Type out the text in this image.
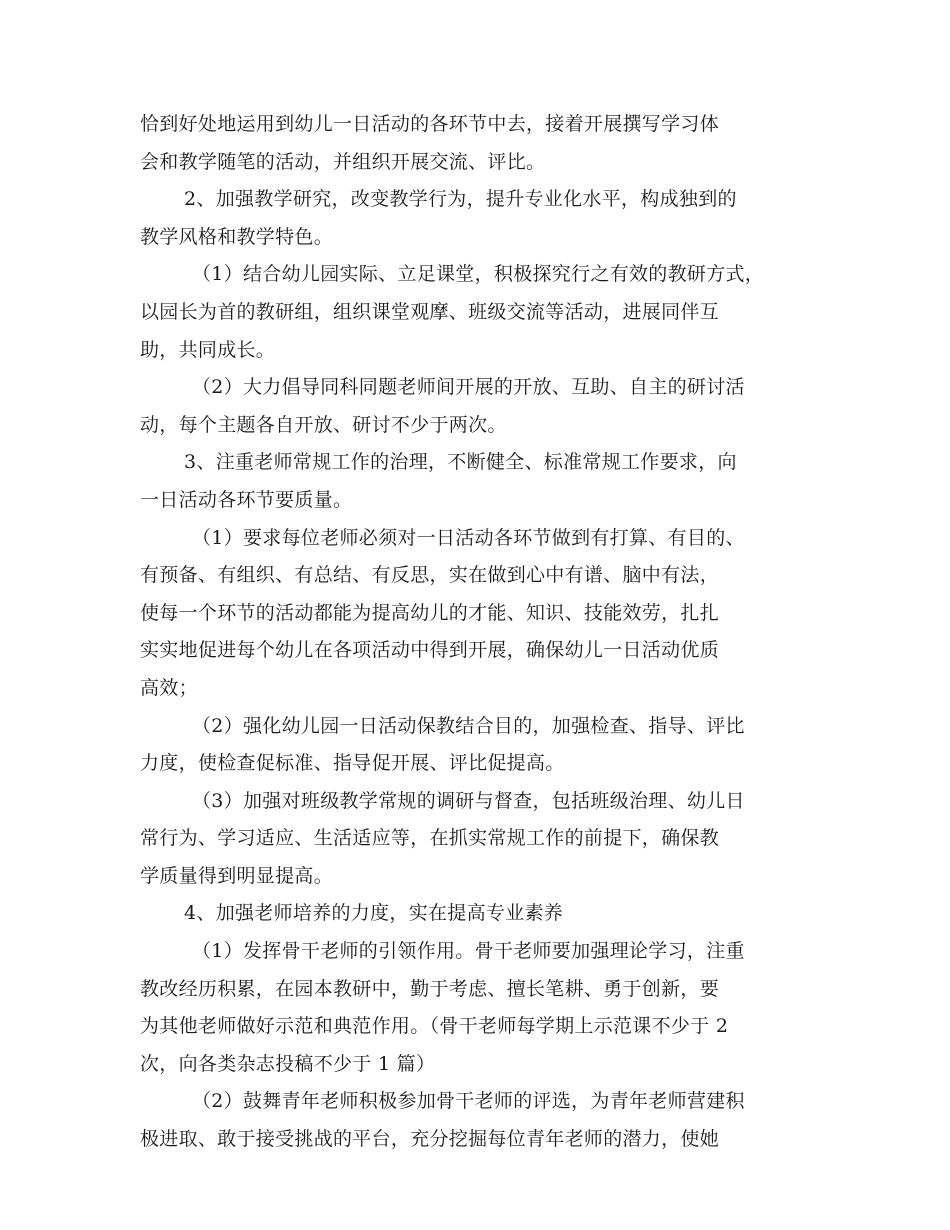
恰到好处地运用到幼儿一日活动的各环节中去，接着开展撰写学习体
会和教学随笔的活动，并组织开展交流、评比。
2、加强教学研究，改变教学行为，提升专业化水平，构成独到的
教学风格和教学特色。
（1）结合幼儿园实际、立足课堂，积极探究行之有效的教研方式，
以园长为首的教研组，组织课堂观摩、班级交流等活动，进展同伴互
助，共同成长。
（2）大力倡导同科同题老师间开展的开放、互助、自主的研讨活
动，每个主题各自开放、研讨不少于两次。
3、注重老师常规工作的治理，不断健全、标准常规工作要求，向
一日活动各环节要质量。
（1）要求每位老师必须对一日活动各环节做到有打算、有目的、
有预备、有组织、有总结、有反思，实在做到心中有谱、脑中有法，
使每一个环节的活动都能为提高幼儿的才能、知识、技能效劳，扎扎
实实地促进每个幼儿在各项活动中得到开展，确保幼儿一日活动优质
高效；
（2）强化幼儿园一日活动保教结合目的，加强检查、指导、评比
力度，使检查促标准、指导促开展、评比促提高。
（3）加强对班级教学常规的调研与督查，包括班级治理、幼儿日
常行为、学习适应、生活适应等，在抓实常规工作的前提下，确保教
学质量得到明显提高。
4、加强老师培养的力度，实在提高专业素养
（1）发挥骨干老师的引领作用。骨干老师要加强理论学习，注重
教改经历积累，在园本教研中，勤于考虑、擅长笔耕、勇于创新，要
为其他老师做好示范和典范作用。（骨干老师每学期上示范课不少于 2
次，向各类杂志投稿不少于 1 篇）
（2）鼓舞青年老师积极参加骨干老师的评选，为青年老师营建积
极进取、敢于接受挑战的平台，充分挖掘每位青年老师的潜力，使她
